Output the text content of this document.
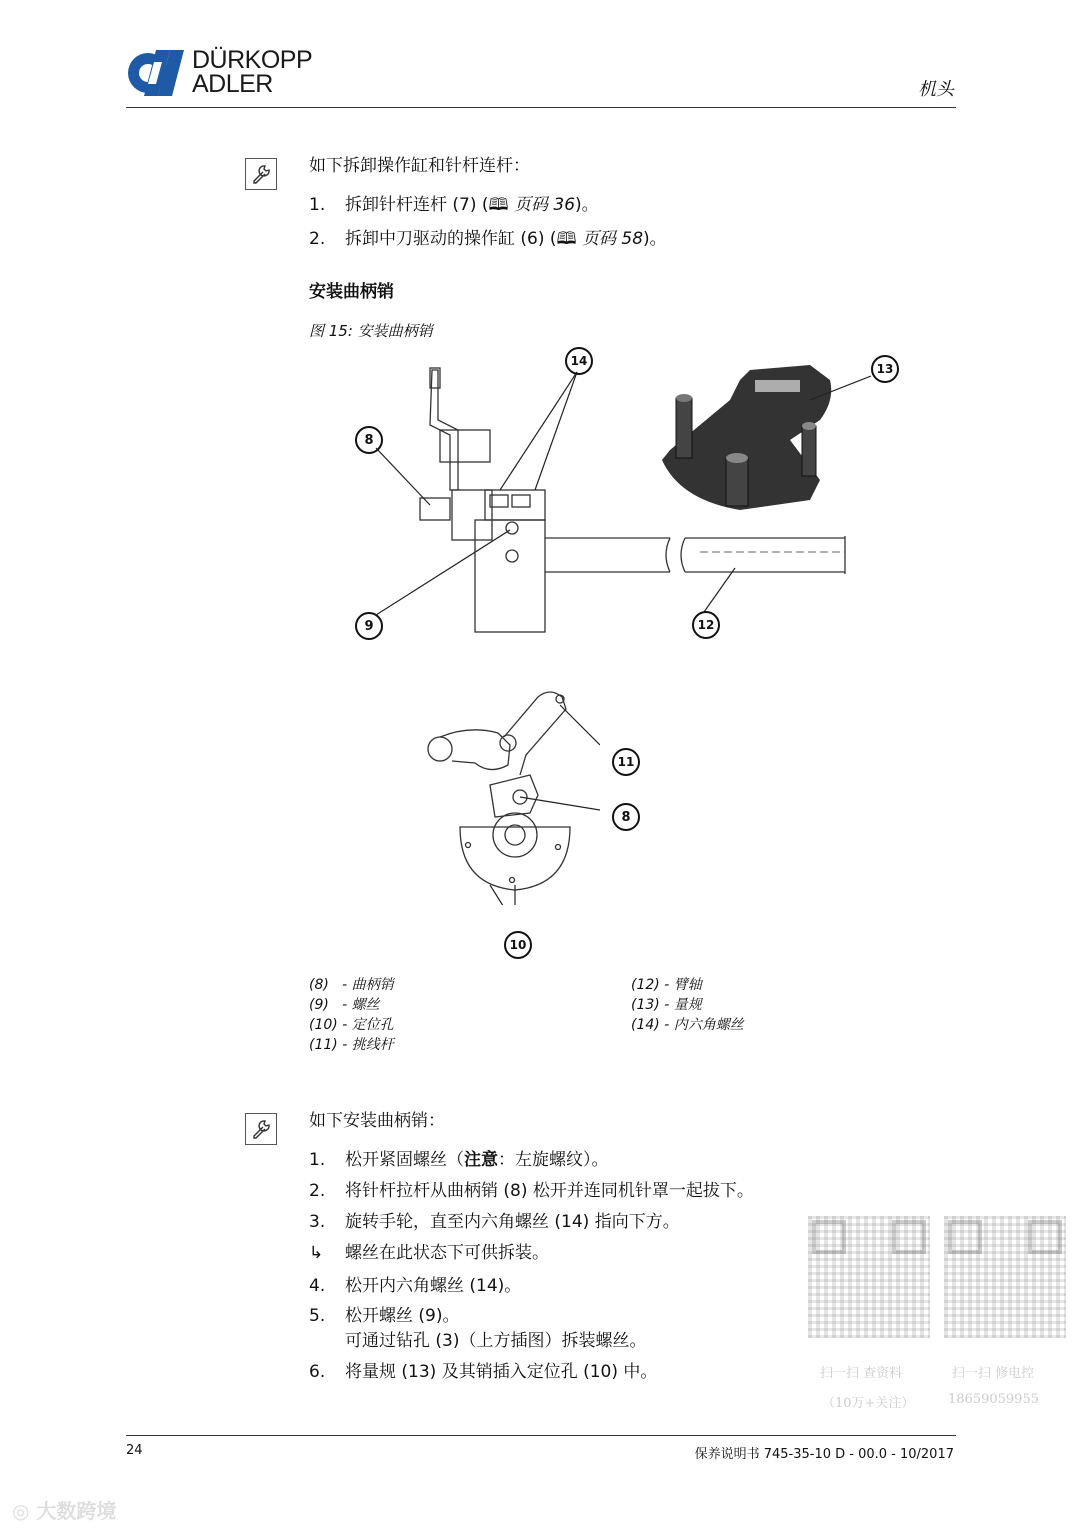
DÜRKOPP
ADLER	机头
如下拆卸操作缸和针杆连杆：
1. 拆卸针杆连杆 (7) (🕮 页码 36)。
2. 拆卸中刀驱动的操作缸 (6) (🕮 页码 58)。
安装曲柄销
图 15: 安装曲柄销
8
14
13
9	12
11
8
10
(8)   - 曲柄销
(9)   - 螺丝
(10) - 定位孔
(11) - 挑线杆
(12) - 臂轴
(13) - 量规
(14) - 内六角螺丝
如下安装曲柄销：
1. 松开紧固螺丝（注意：左旋螺纹）。
2. 将针杆拉杆从曲柄销 (8) 松开并连同机针罩一起拔下。
3. 旋转手轮，直至内六角螺丝 (14) 指向下方。
↳ 螺丝在此状态下可供拆装。
4. 松开内六角螺丝 (14)。
5. 松开螺丝 (9)。
可通过钻孔 (3)（上方插图）拆装螺丝。
6. 将量规 (13) 及其销插入定位孔 (10) 中。	扫一扫 查资料
（10万+关注）
扫一扫 修电控
18659059955
24	保养说明书 745-35-10 D - 00.0 - 10/2017
◎ 大数跨境
